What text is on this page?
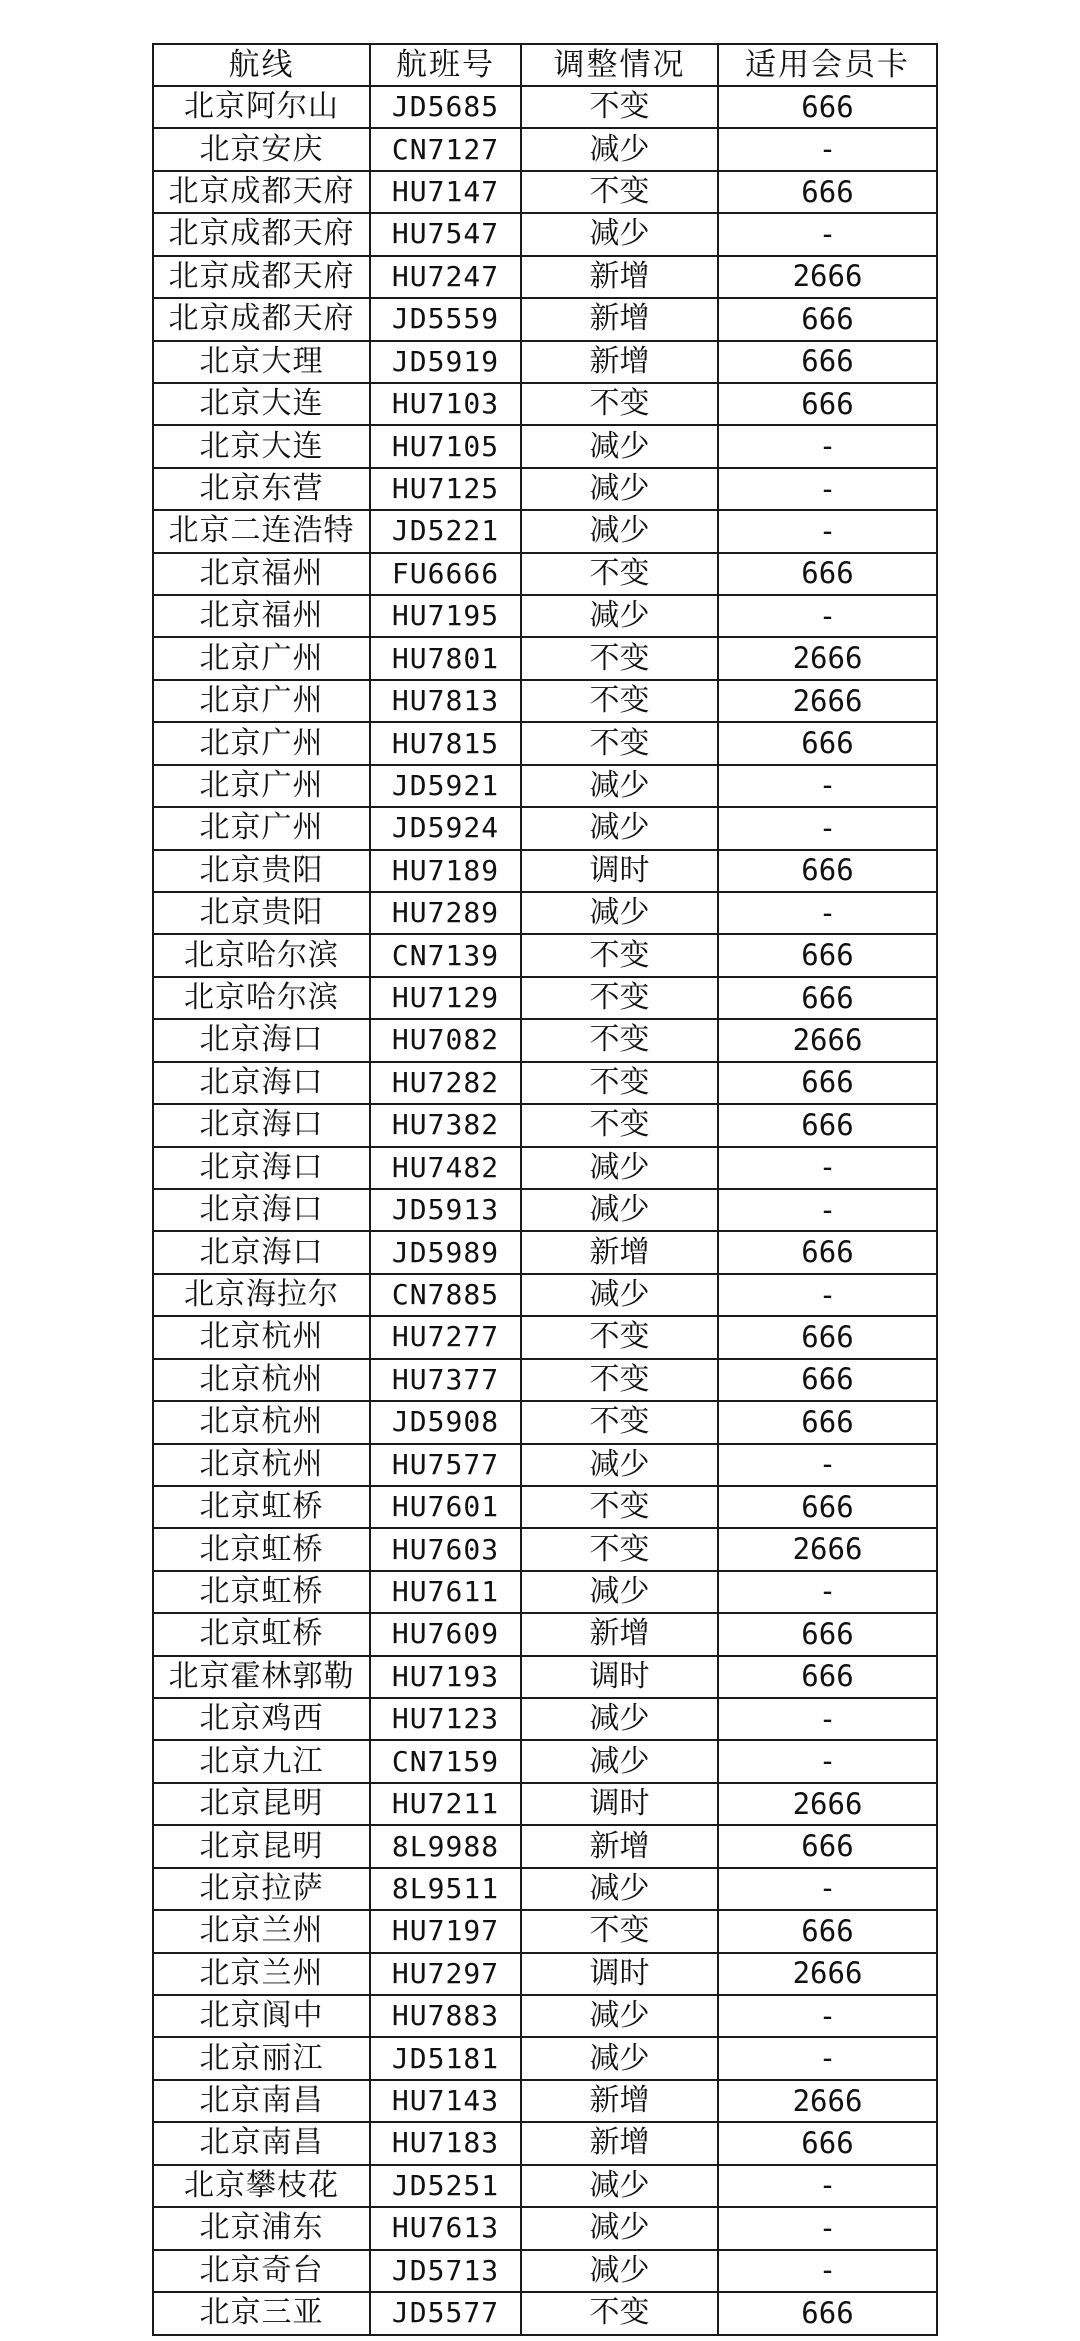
航线	航班号	调整情况	适用会员卡
北京阿尔山	JD5685	不变	666
北京安庆	CN7127	减少	-
北京成都天府	HU7147	不变	666
北京成都天府	HU7547	减少	-
北京成都天府	HU7247	新增	2666
北京成都天府	JD5559	新增	666
北京大理	JD5919	新增	666
北京大连	HU7103	不变	666
北京大连	HU7105	减少	-
北京东营	HU7125	减少	-
北京二连浩特	JD5221	减少	-
北京福州	FU6666	不变	666
北京福州	HU7195	减少	-
北京广州	HU7801	不变	2666
北京广州	HU7813	不变	2666
北京广州	HU7815	不变	666
北京广州	JD5921	减少	-
北京广州	JD5924	减少	-
北京贵阳	HU7189	调时	666
北京贵阳	HU7289	减少	-
北京哈尔滨	CN7139	不变	666
北京哈尔滨	HU7129	不变	666
北京海口	HU7082	不变	2666
北京海口	HU7282	不变	666
北京海口	HU7382	不变	666
北京海口	HU7482	减少	-
北京海口	JD5913	减少	-
北京海口	JD5989	新增	666
北京海拉尔	CN7885	减少	-
北京杭州	HU7277	不变	666
北京杭州	HU7377	不变	666
北京杭州	JD5908	不变	666
北京杭州	HU7577	减少	-
北京虹桥	HU7601	不变	666
北京虹桥	HU7603	不变	2666
北京虹桥	HU7611	减少	-
北京虹桥	HU7609	新增	666
北京霍林郭勒	HU7193	调时	666
北京鸡西	HU7123	减少	-
北京九江	CN7159	减少	-
北京昆明	HU7211	调时	2666
北京昆明	8L9988	新增	666
北京拉萨	8L9511	减少	-
北京兰州	HU7197	不变	666
北京兰州	HU7297	调时	2666
北京阆中	HU7883	减少	-
北京丽江	JD5181	减少	-
北京南昌	HU7143	新增	2666
北京南昌	HU7183	新增	666
北京攀枝花	JD5251	减少	-
北京浦东	HU7613	减少	-
北京奇台	JD5713	减少	-
北京三亚	JD5577	不变	666
